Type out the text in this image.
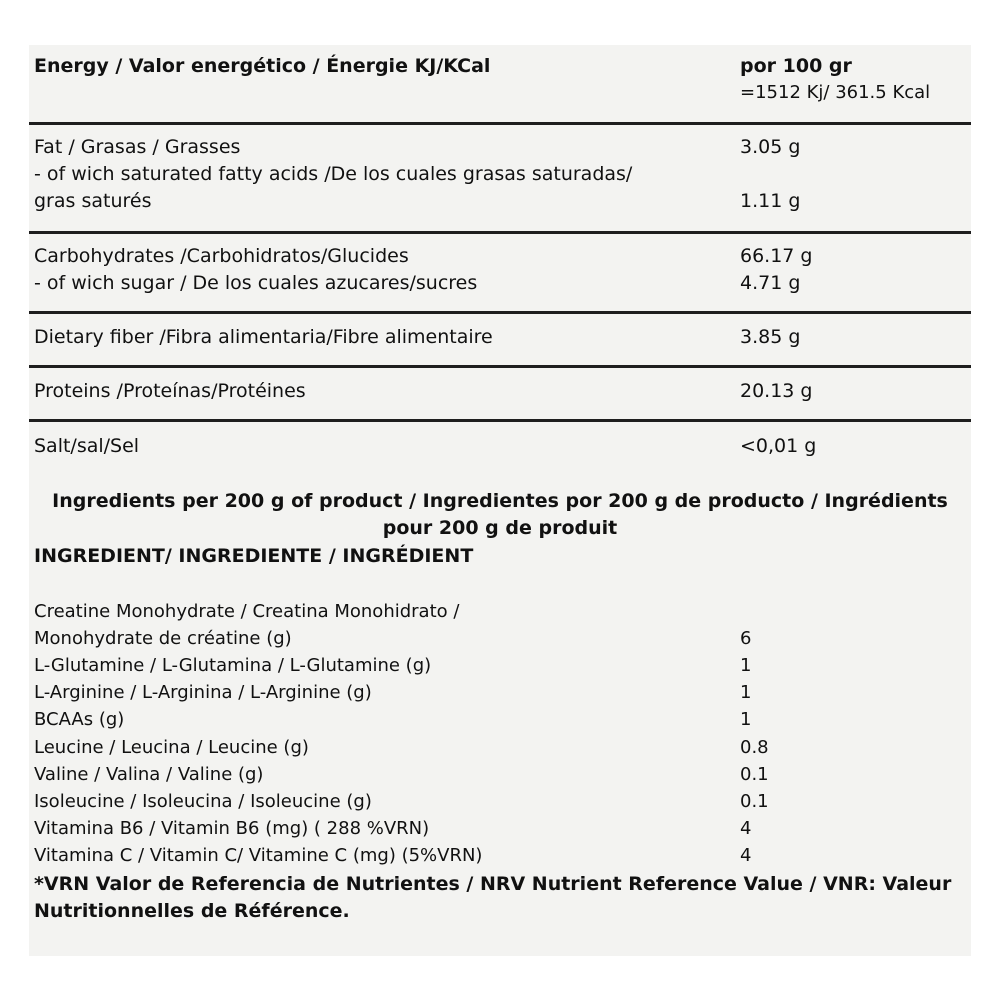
Energy / Valor energético / Énergie KJ/KCal	por 100 gr
=1512 Kj/ 361.5 Kcal
Fat / Grasas / Grasses	3.05 g
- of wich saturated fatty acids /De los cuales grasas saturadas/
gras saturés	1.11 g
Carbohydrates /Carbohidratos/Glucides	66.17 g
- of wich sugar / De los cuales azucares/sucres	4.71 g
Dietary fiber /Fibra alimentaria/Fibre alimentaire	3.85 g
Proteins /Proteínas/Protéines	20.13 g
Salt/sal/Sel	<0,01 g
Ingredients per 200 g of product / Ingredientes por 200 g de producto / Ingrédients
pour 200 g de produit
INGREDIENT/ INGREDIENTE / INGRÉDIENT
Creatine Monohydrate / Creatina Monohidrato /
Monohydrate de créatine (g)	6
L-Glutamine / L-Glutamina / L-Glutamine (g)	1
L-Arginine / L-Arginina / L-Arginine (g)	1
BCAAs (g)	1
Leucine / Leucina / Leucine (g)	0.8
Valine / Valina / Valine (g)	0.1
Isoleucine / Isoleucina / Isoleucine (g)	0.1
Vitamina B6 / Vitamin B6 (mg) ( 288 %VRN)	4
Vitamina C / Vitamin C/ Vitamine C (mg) (5%VRN)	4
*VRN Valor de Referencia de Nutrientes / NRV Nutrient Reference Value / VNR: Valeur Nutritionnelles de Référence.
